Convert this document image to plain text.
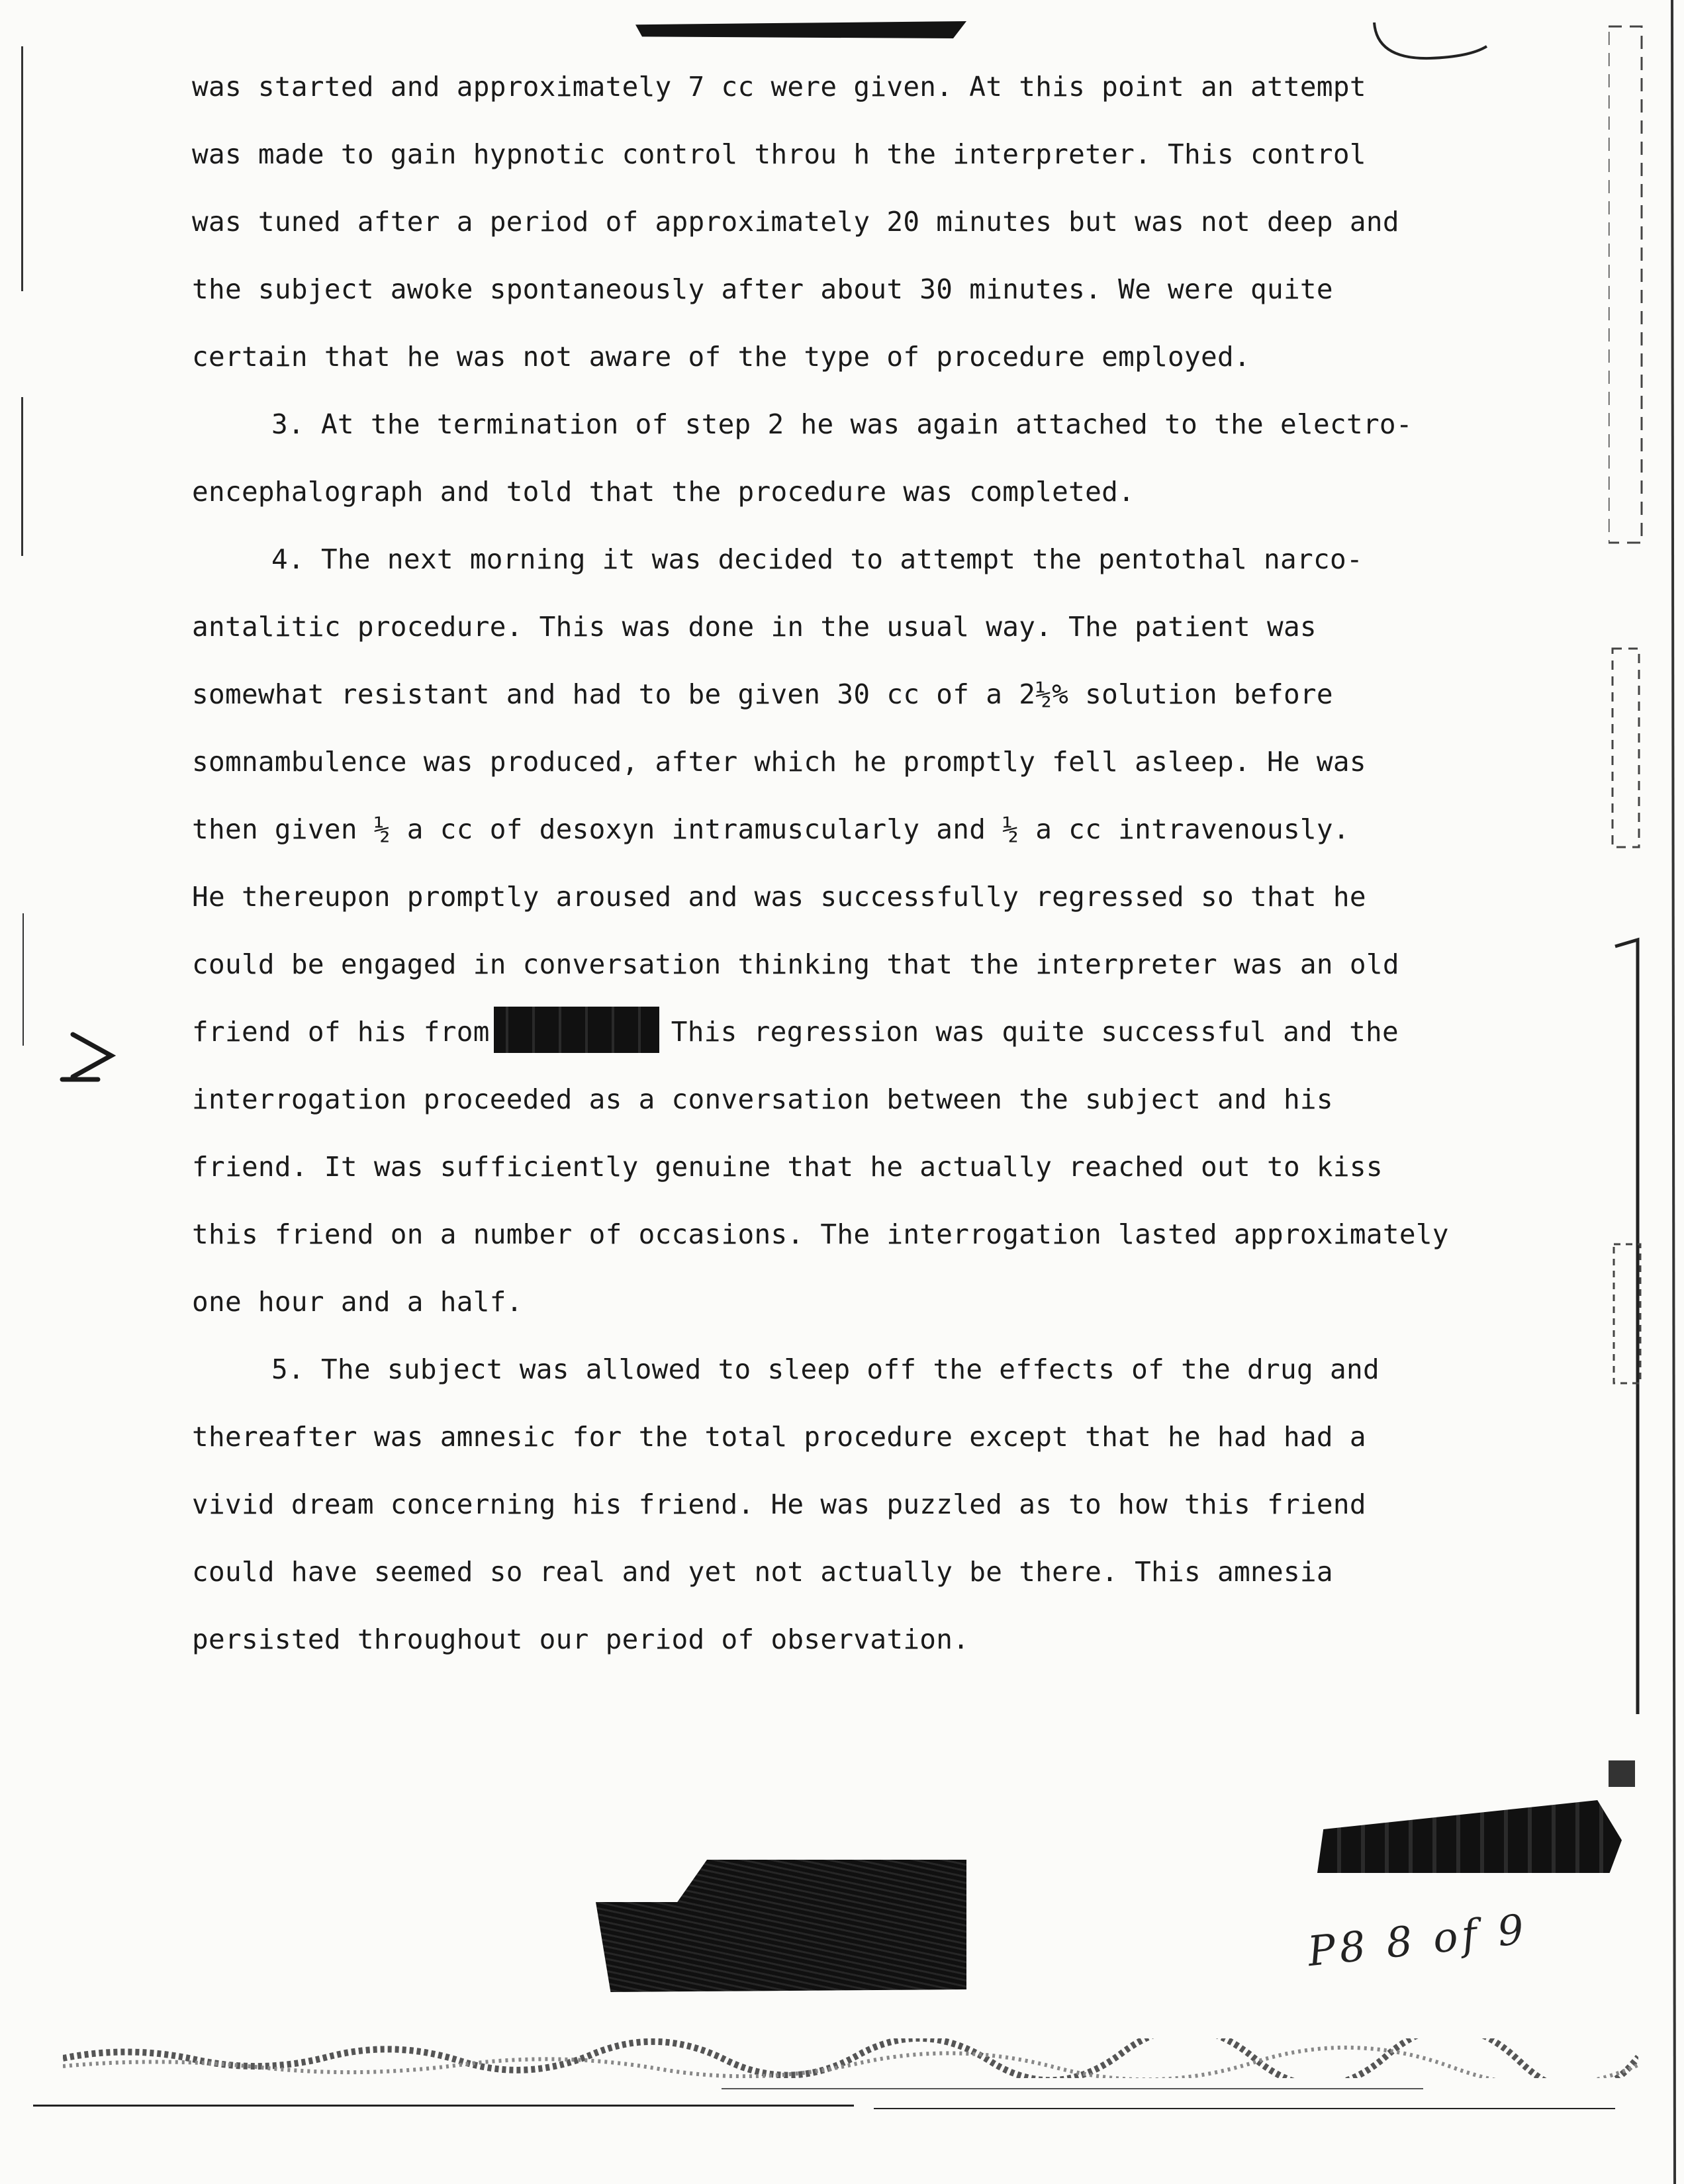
was started and approximately 7 cc were given. At this point an attempt
was made to gain hypnotic control throu h the interpreter. This control
was tuned after a period of approximately 20 minutes but was not deep and
the subject awoke spontaneously after about 30 minutes. We were quite
certain that he was not aware of the type of procedure employed.
3. At the termination of step 2 he was again attached to the electro-
encephalograph and told that the procedure was completed.
4. The next morning it was decided to attempt the pentothal narco-
antalitic procedure. This was done in the usual way. The patient was
somewhat resistant and had to be given 30 cc of a 2½% solution before
somnambulence was produced, after which he promptly fell asleep. He was
then given ½ a cc of desoxyn intramuscularly and ½ a cc intravenously.
He thereupon promptly aroused and was successfully regressed so that he
could be engaged in conversation thinking that the interpreter was an old
friend of his from	This regression was quite successful and the
interrogation proceeded as a conversation between the subject and his
friend. It was sufficiently genuine that he actually reached out to kiss
this friend on a number of occasions. The interrogation lasted approximately
one hour and a half.
5. The subject was allowed to sleep off the effects of the drug and
thereafter was amnesic for the total procedure except that he had had a
vivid dream concerning his friend. He was puzzled as to how this friend
could have seemed so real and yet not actually be there. This amnesia
persisted throughout our period of observation.
P8 8 of 9
